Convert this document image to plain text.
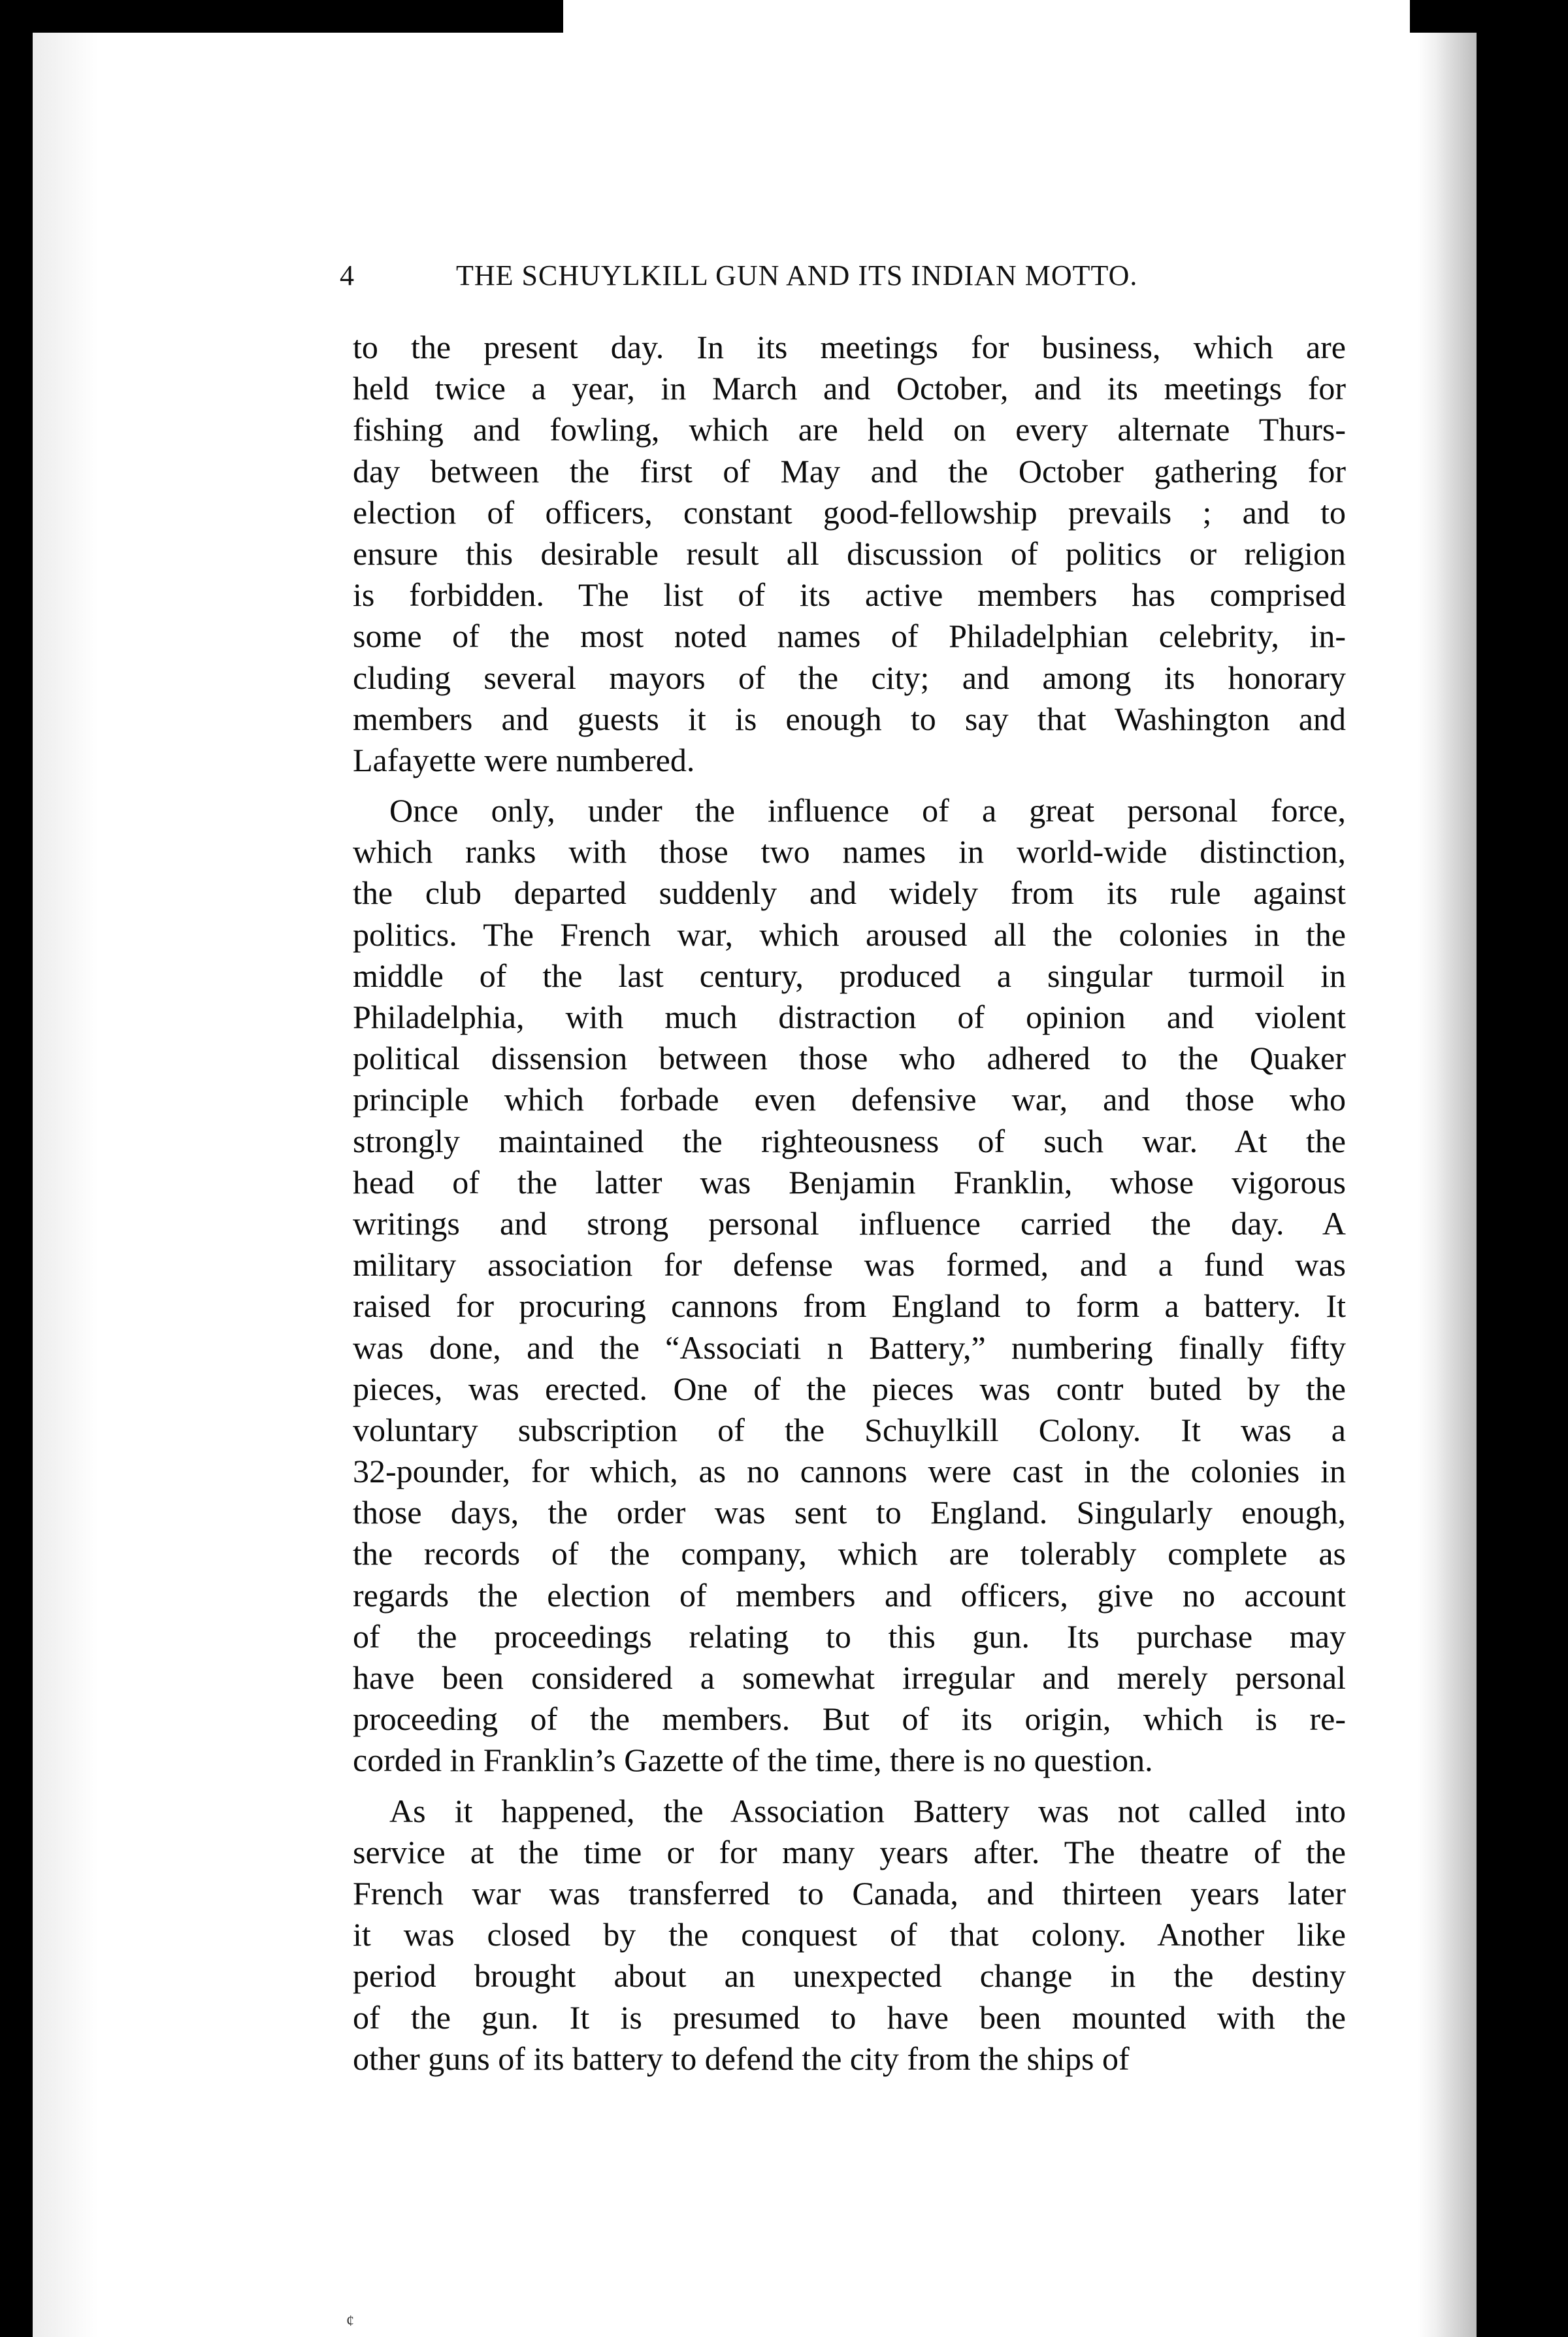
4	THE SCHUYLKILL GUN AND ITS INDIAN MOTTO.

to the present day. In its meetings for business, which are
held twice a year, in March and October, and its meetings for
fishing and fowling, which are held on every alternate Thurs-
day between the first of May and the October gathering for
election of officers, constant good-fellowship prevails ; and to
ensure this desirable result all discussion of politics or religion
is forbidden. The list of its active members has comprised
some of the most noted names of Philadelphian celebrity, in-
cluding several mayors of the city; and among its honorary
members and guests it is enough to say that Washington and
Lafayette were numbered.

Once only, under the influence of a great personal force,
which ranks with those two names in world-wide distinction,
the club departed suddenly and widely from its rule against
politics. The French war, which aroused all the colonies in the
middle of the last century, produced a singular turmoil in
Philadelphia, with much distraction of opinion and violent
political dissension between those who adhered to the Quaker
principle which forbade even defensive war, and those who
strongly maintained the righteousness of such war. At the
head of the latter was Benjamin Franklin, whose vigorous
writings and strong personal influence carried the day. A
military association for defense was formed, and a fund was
raised for procuring cannons from England to form a battery. It
was done, and the “Associati n Battery,” numbering finally fifty
pieces, was erected. One of the pieces was contr buted by the
voluntary subscription of the Schuylkill Colony. It was a
32-pounder, for which, as no cannons were cast in the colonies in
those days, the order was sent to England. Singularly enough,
the records of the company, which are tolerably complete as
regards the election of members and officers, give no account
of the proceedings relating to this gun. Its purchase may
have been considered a somewhat irregular and merely personal
proceeding of the members. But of its origin, which is re-
corded in Franklin’s Gazette of the time, there is no question.

As it happened, the Association Battery was not called into
service at the time or for many years after. The theatre of the
French war was transferred to Canada, and thirteen years later
it was closed by the conquest of that colony. Another like
period brought about an unexpected change in the destiny
of the gun. It is presumed to have been mounted with the
other guns of its battery to defend the city from the ships of

¢
